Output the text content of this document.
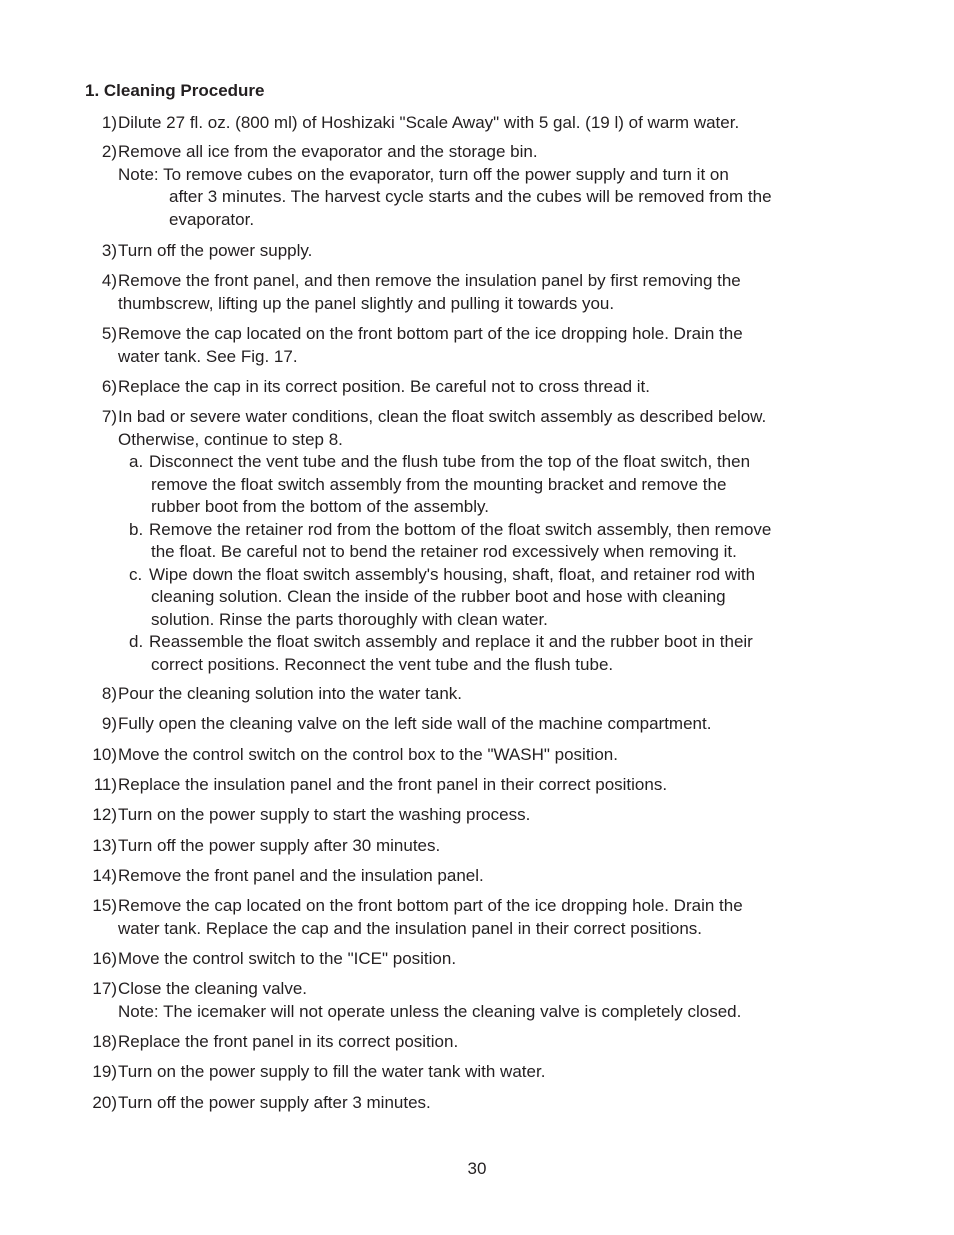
1. Cleaning Procedure
1) Dilute 27 fl. oz. (800 ml) of Hoshizaki "Scale Away" with 5 gal. (19 l) of warm water.
2) Remove all ice from the evaporator and the storage bin.
Note: To remove cubes on the evaporator, turn off the power supply and turn it on
after 3 minutes. The harvest cycle starts and the cubes will be removed from the
evaporator.
3) Turn off the power supply.
4) Remove the front panel, and then remove the insulation panel by first removing the
thumbscrew, lifting up the panel slightly and pulling it towards you.
5) Remove the cap located on the front bottom part of the ice dropping hole. Drain the
water tank. See Fig. 17.
6) Replace the cap in its correct position. Be careful not to cross thread it.
7) In bad or severe water conditions, clean the float switch assembly as described below.
Otherwise, continue to step 8.
a. Disconnect the vent tube and the flush tube from the top of the float switch, then
remove the float switch assembly from the mounting bracket and remove the
rubber boot from the bottom of the assembly.
b. Remove the retainer rod from the bottom of the float switch assembly, then remove
the float. Be careful not to bend the retainer rod excessively when removing it.
c. Wipe down the float switch assembly's housing, shaft, float, and retainer rod with
cleaning solution. Clean the inside of the rubber boot and hose with cleaning
solution. Rinse the parts thoroughly with clean water.
d. Reassemble the float switch assembly and replace it and the rubber boot in their
correct positions. Reconnect the vent tube and the flush tube.
8) Pour the cleaning solution into the water tank.
9) Fully open the cleaning valve on the left side wall of the machine compartment.
10) Move the control switch on the control box to the "WASH" position.
11) Replace the insulation panel and the front panel in their correct positions.
12) Turn on the power supply to start the washing process.
13) Turn off the power supply after 30 minutes.
14) Remove the front panel and the insulation panel.
15) Remove the cap located on the front bottom part of the ice dropping hole. Drain the
water tank. Replace the cap and the insulation panel in their correct positions.
16) Move the control switch to the "ICE" position.
17) Close the cleaning valve.
Note: The icemaker will not operate unless the cleaning valve is completely closed.
18) Replace the front panel in its correct position.
19) Turn on the power supply to fill the water tank with water.
20) Turn off the power supply after 3 minutes.
30
